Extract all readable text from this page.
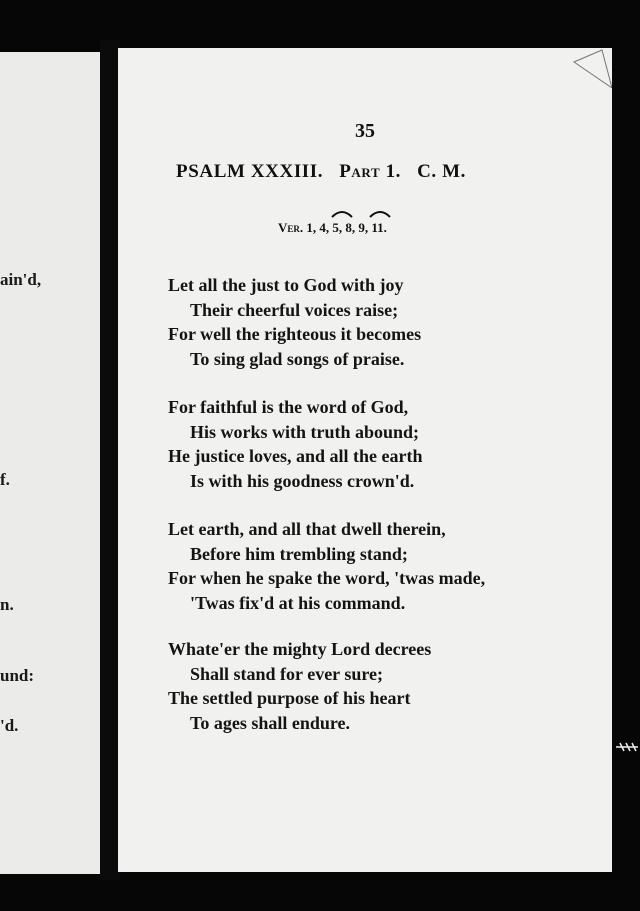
ain'd,
f.
n.
und:
'd.
35
PSALM XXXIII. Part 1. C. M.
Ver. 1, 4, 5, 8, 9, 11.
Let all the just to God with joy
Their cheerful voices raise;
For well the righteous it becomes
To sing glad songs of praise.
For faithful is the word of God,
His works with truth abound;
He justice loves, and all the earth
Is with his goodness crown'd.
Let earth, and all that dwell therein,
Before him trembling stand;
For when he spake the word, 'twas made,
'Twas fix'd at his command.
Whate'er the mighty Lord decrees
Shall stand for ever sure;
The settled purpose of his heart
To ages shall endure.
